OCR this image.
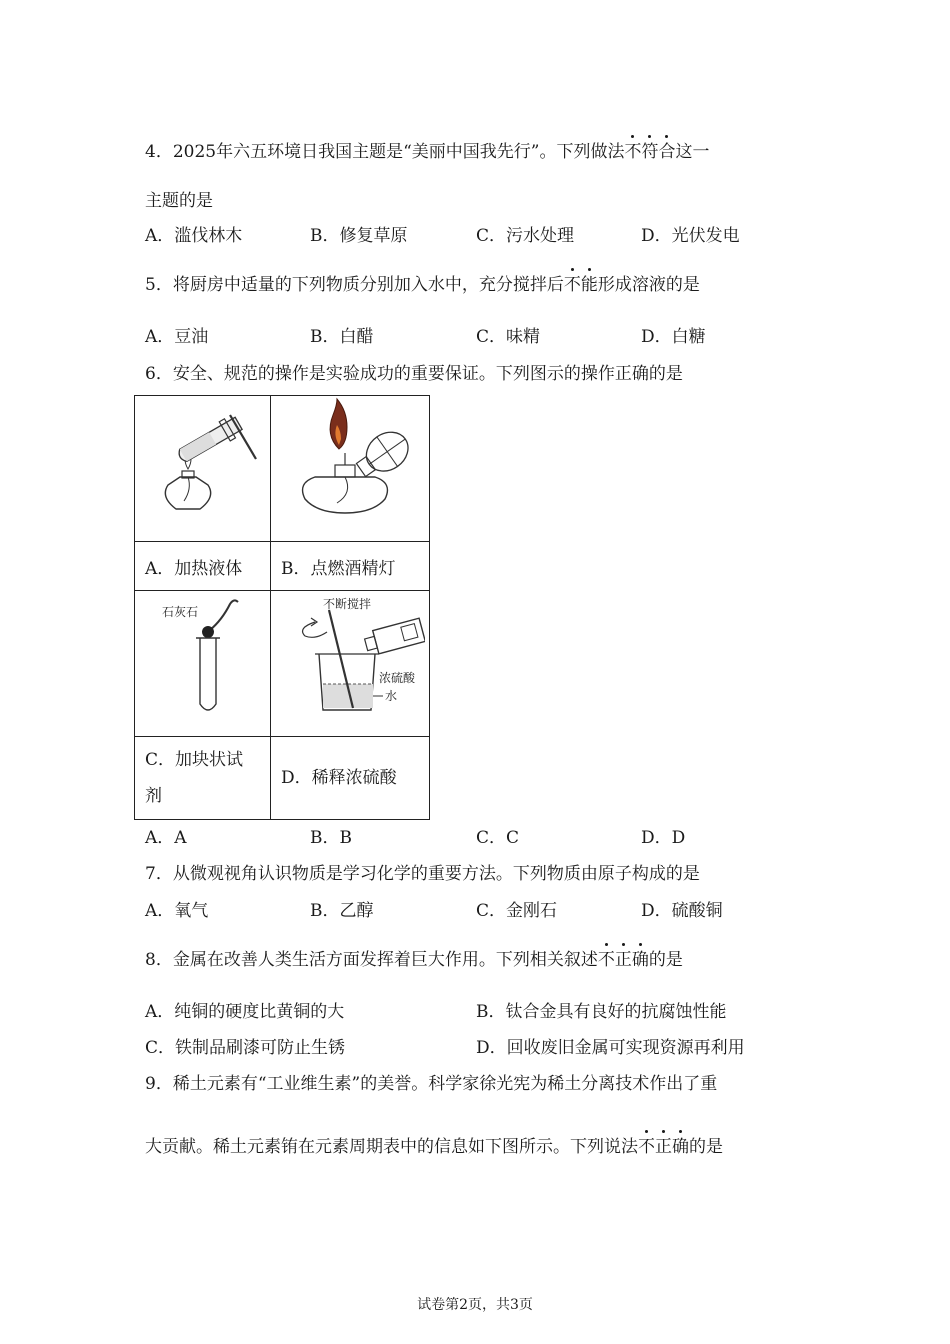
4．2025年六五环境日我国主题是“美丽中国我先行”。下列做法不符合这一
主题的是
A．滥伐林木	B．修复草原	C．污水处理	D．光伏发电
5．将厨房中适量的下列物质分别加入水中，充分搅拌后不能形成溶液的是
A．豆油	B．白醋	C．味精	D．白糖
6．安全、规范的操作是实验成功的重要保证。下列图示的操作正确的是

A．加热液体	B．点燃酒精灯

石灰石	不断搅拌
浓硫酸
水

C．加块状试
剂	D．稀释浓硫酸
A．A	B．B	C．C	D．D
7．从微观视角认识物质是学习化学的重要方法。下列物质由原子构成的是
A．氧气	B．乙醇	C．金刚石	D．硫酸铜
8．金属在改善人类生活方面发挥着巨大作用。下列相关叙述不正确的是
A．纯铜的硬度比黄铜的大	B．钛合金具有良好的抗腐蚀性能
C．铁制品刷漆可防止生锈	D．回收废旧金属可实现资源再利用
9．稀土元素有“工业维生素”的美誉。科学家徐光宪为稀土分离技术作出了重
大贡献。稀土元素铕在元素周期表中的信息如下图所示。下列说法不正确的是
试卷第2页，共3页
